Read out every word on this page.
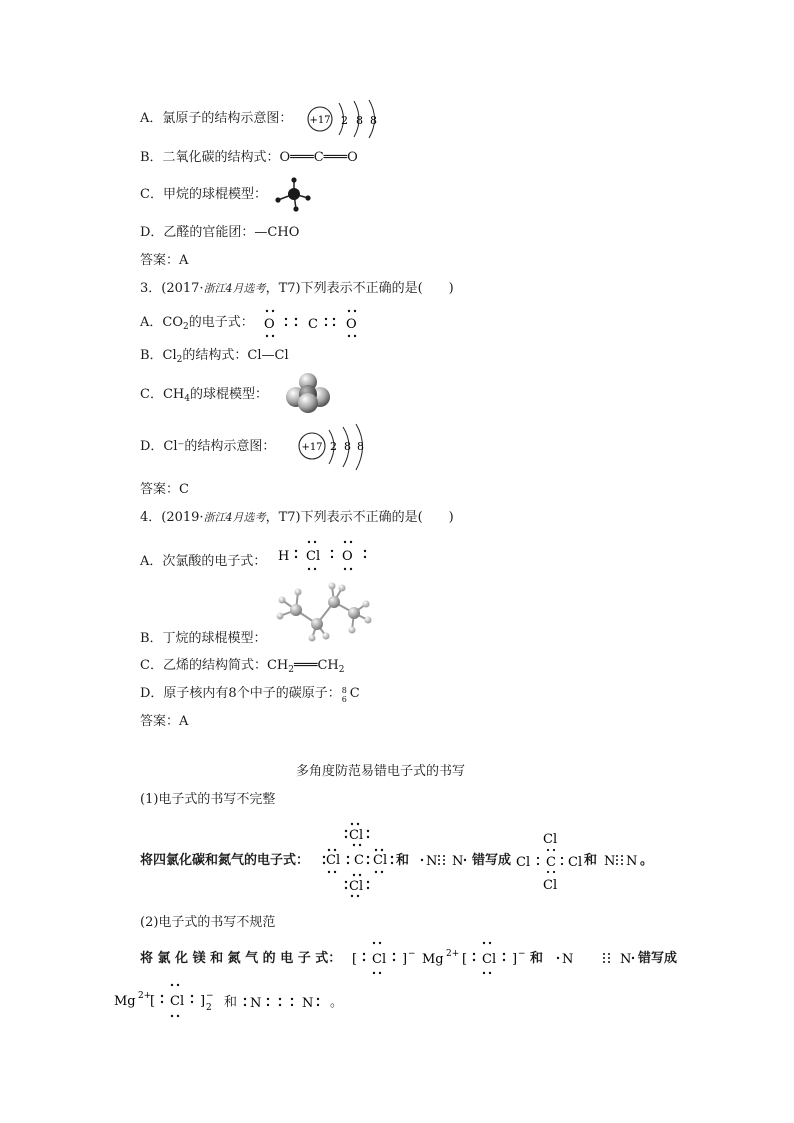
A．氯原子的结构示意图： +17 2 8 8
B．二氧化碳的结构式：O═══C═══O
C．甲烷的球棍模型：
D．乙醛的官能团：—CHO
答案：A
3．(2017·浙江4月选考，T7)下列表示不正确的是(　　)
A．$CO_2$的电子式： O	C O
B．$Cl_2$的结构式：Cl—Cl
C．$CH_4$的球棍模型：
D．Cl⁻的结构示意图：	+17 2 8 8
答案：C
4．(2019·浙江4月选考，T7)下列表示不正确的是(　　)
A．次氯酸的电子式： H Cl O
B．丁烷的球棍模型：
C．乙烯的结构简式：$CH_2═══CH_2$
D．原子核内有8个中子的碳原子： 8
6 C
答案：A
多角度防范易错电子式的书写
(1)电子式的书写不完整
将四氯化碳和氮气的电子式：
Cl
Cl C Cl
Cl
和 N N 错写成
Cl
Cl C Cl
Cl
和 N N 。
(2)电子式的书写不规范
将 氯 化 镁 和 氮 气 的 电 子 式： [ Cl ] − Mg 2+ [ Cl ] − 和 N	N 错写成
Mg 2+
[ Cl ] 2
− 和 N	N 。
